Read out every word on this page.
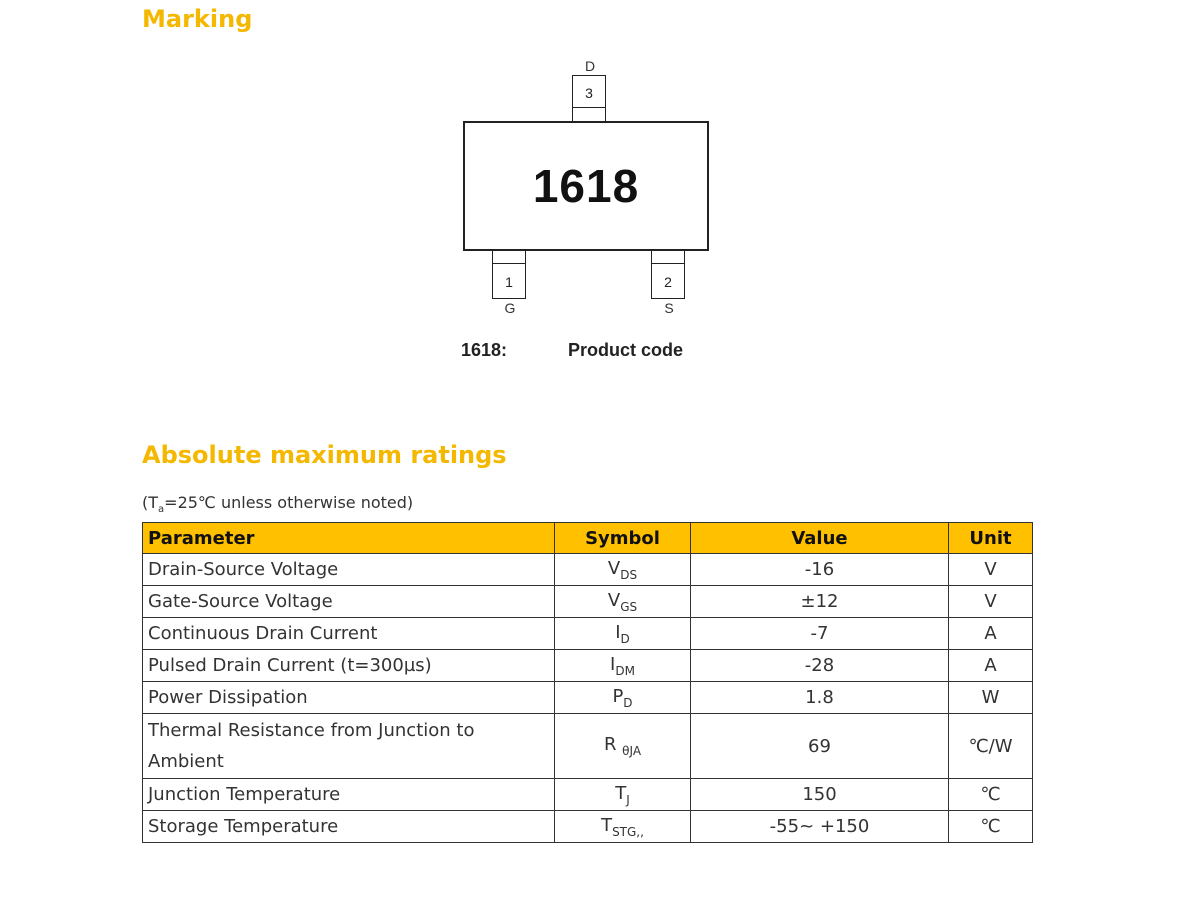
Marking
D
3
1618
1
G
2
S
1618:	Product code
Absolute maximum ratings
($T_a=25℃$ unless otherwise noted)
Parameter	Symbol	Value	Unit
Drain-Source Voltage	$V_{DS}$	-16	V
Gate-Source Voltage	$V_{GS}$	±12	V
Continuous Drain Current	$I_D$	-7	A
Pulsed Drain Current (t=300µs)	$I_{DM}$	-28	A
Power Dissipation	$P_D$	1.8	W
Thermal Resistance from Junction to Ambient	R $_{\theta JA}$	69	℃/W
Junction Temperature	$T_J$	150	℃
Storage Temperature	$T_{STG,,}$	-55~ +150	℃
